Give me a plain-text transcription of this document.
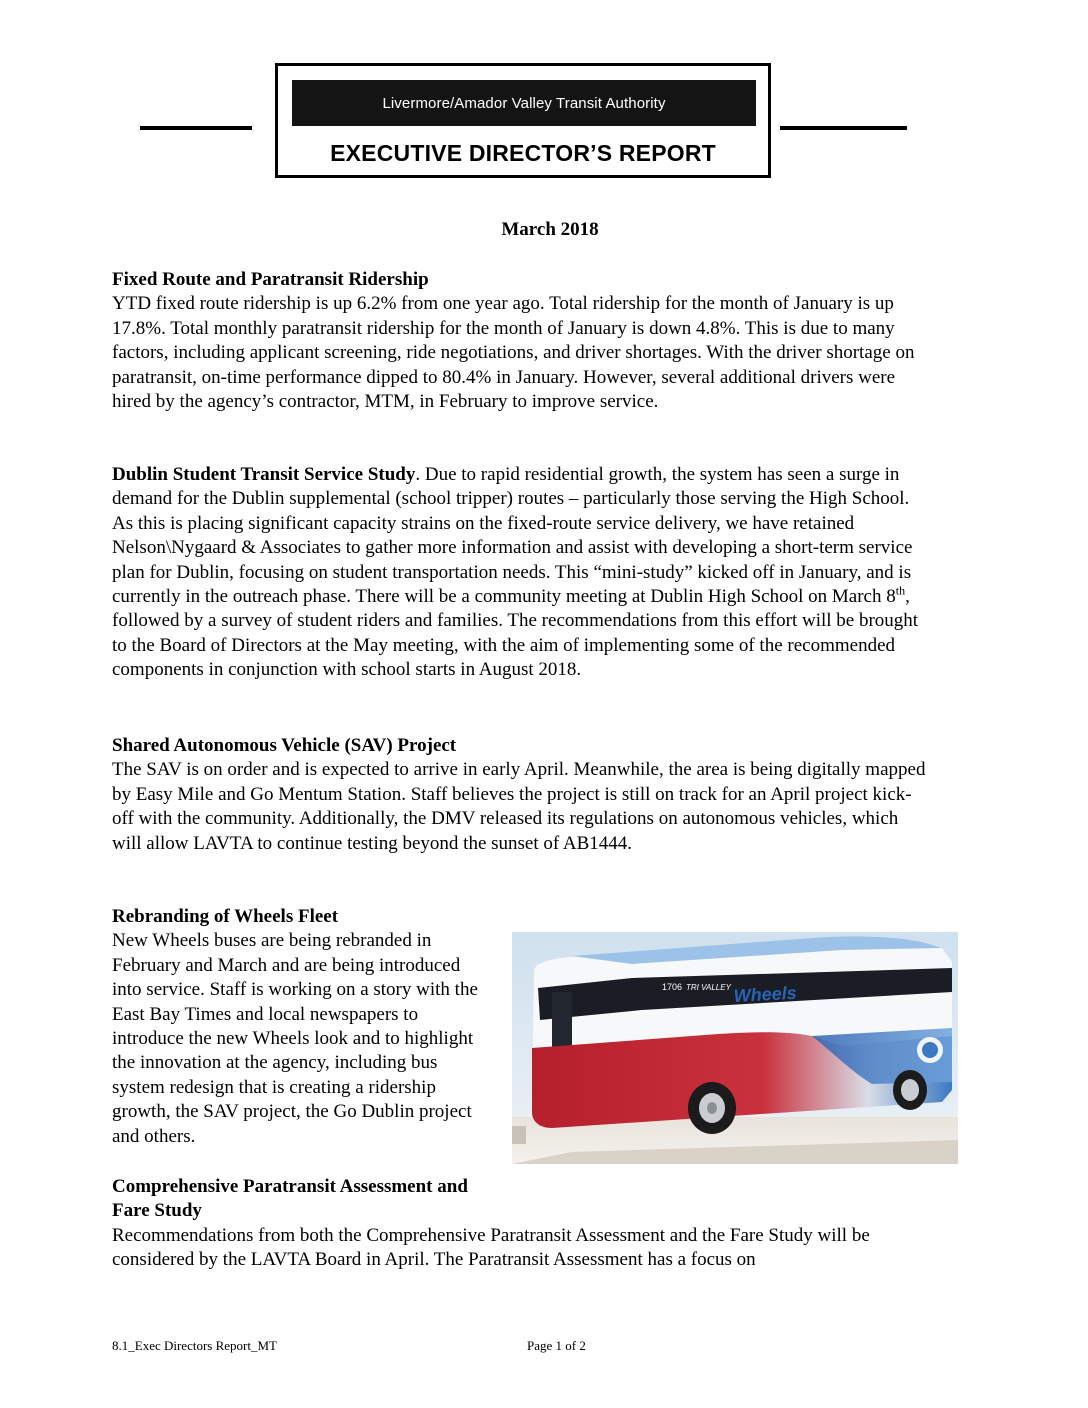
Livermore/Amador Valley Transit Authority
EXECUTIVE DIRECTOR’S REPORT
March 2018

Fixed Route and Paratransit Ridership

YTD fixed route ridership is up 6.2% from one year ago. Total ridership for the month of January is up 17.8%. Total monthly paratransit ridership for the month of January is down 4.8%. This is due to many factors, including applicant screening, ride negotiations, and driver shortages. With the driver shortage on paratransit, on-time performance dipped to 80.4% in January. However, several additional drivers were hired by the agency’s contractor, MTM, in February to improve service.

Dublin Student Transit Service Study. Due to rapid residential growth, the system has seen a surge in demand for the Dublin supplemental (school tripper) routes – particularly those serving the High School. As this is placing significant capacity strains on the fixed-route service delivery, we have retained Nelson\Nygaard & Associates to gather more information and assist with developing a short-term service plan for Dublin, focusing on student transportation needs. This “mini-study” kicked off in January, and is currently in the outreach phase. There will be a community meeting at Dublin High School on March 8th, followed by a survey of student riders and families. The recommendations from this effort will be brought to the Board of Directors at the May meeting, with the aim of implementing some of the recommended components in conjunction with school starts in August 2018.

Shared Autonomous Vehicle (SAV) Project

The SAV is on order and is expected to arrive in early April. Meanwhile, the area is being digitally mapped by Easy Mile and Go Mentum Station. Staff believes the project is still on track for an April project kick-off with the community. Additionally, the DMV released its regulations on autonomous vehicles, which will allow LAVTA to continue testing beyond the sunset of AB1444.

Rebranding of Wheels Fleet

New Wheels buses are being rebranded in February and March and are being introduced into service. Staff is working on a story with the East Bay Times and local newspapers to introduce the new Wheels look and to highlight the innovation at the agency, including bus system redesign that is creating a ridership growth, the SAV project, the Go Dublin project and others.

1706 TRI VALLEY Wheels

Comprehensive Paratransit Assessment and Fare Study

Recommendations from both the Comprehensive Paratransit Assessment and the Fare Study will be considered by the LAVTA Board in April. The Paratransit Assessment has a focus on

8.1_Exec Directors Report_MT	Page 1 of 2
